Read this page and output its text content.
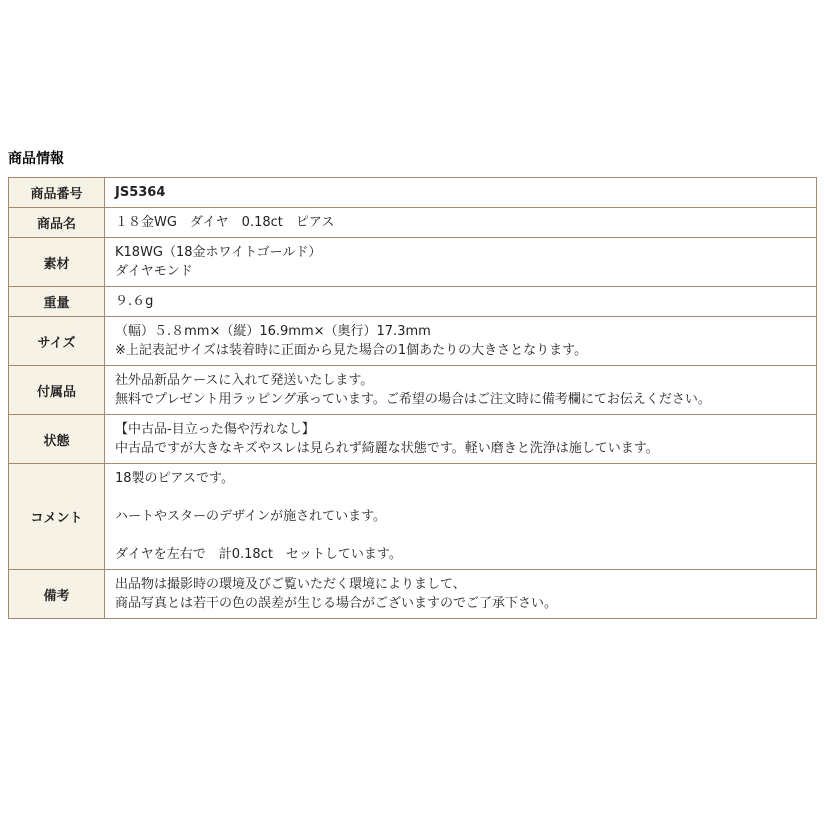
商品情報
商品番号	JS5364

商品名	１８金WG　ダイヤ　0.18ct　ピアス

素材	K18WG（18金ホワイトゴールド）
ダイヤモンド

重量	９.６g

サイズ	（幅）５.８mm×（縦）16.9mm×（奥行）17.3mm
※上記表記サイズは装着時に正面から見た場合の1個あたりの大きさとなります。

付属品	社外品新品ケースに入れて発送いたします。
無料でプレゼント用ラッピング承っています。ご希望の場合はご注文時に備考欄にてお伝えください。

状態	【中古品-目立った傷や汚れなし】
中古品ですが大きなキズやスレは見られず綺麗な状態です。軽い磨きと洗浄は施しています。

コメント	18製のピアスです。

ハートやスターのデザインが施されています。

ダイヤを左右で　計0.18ct　セットしています。

備考	出品物は撮影時の環境及びご覧いただく環境によりまして、
商品写真とは若干の色の誤差が生じる場合がございますのでご了承下さい。
